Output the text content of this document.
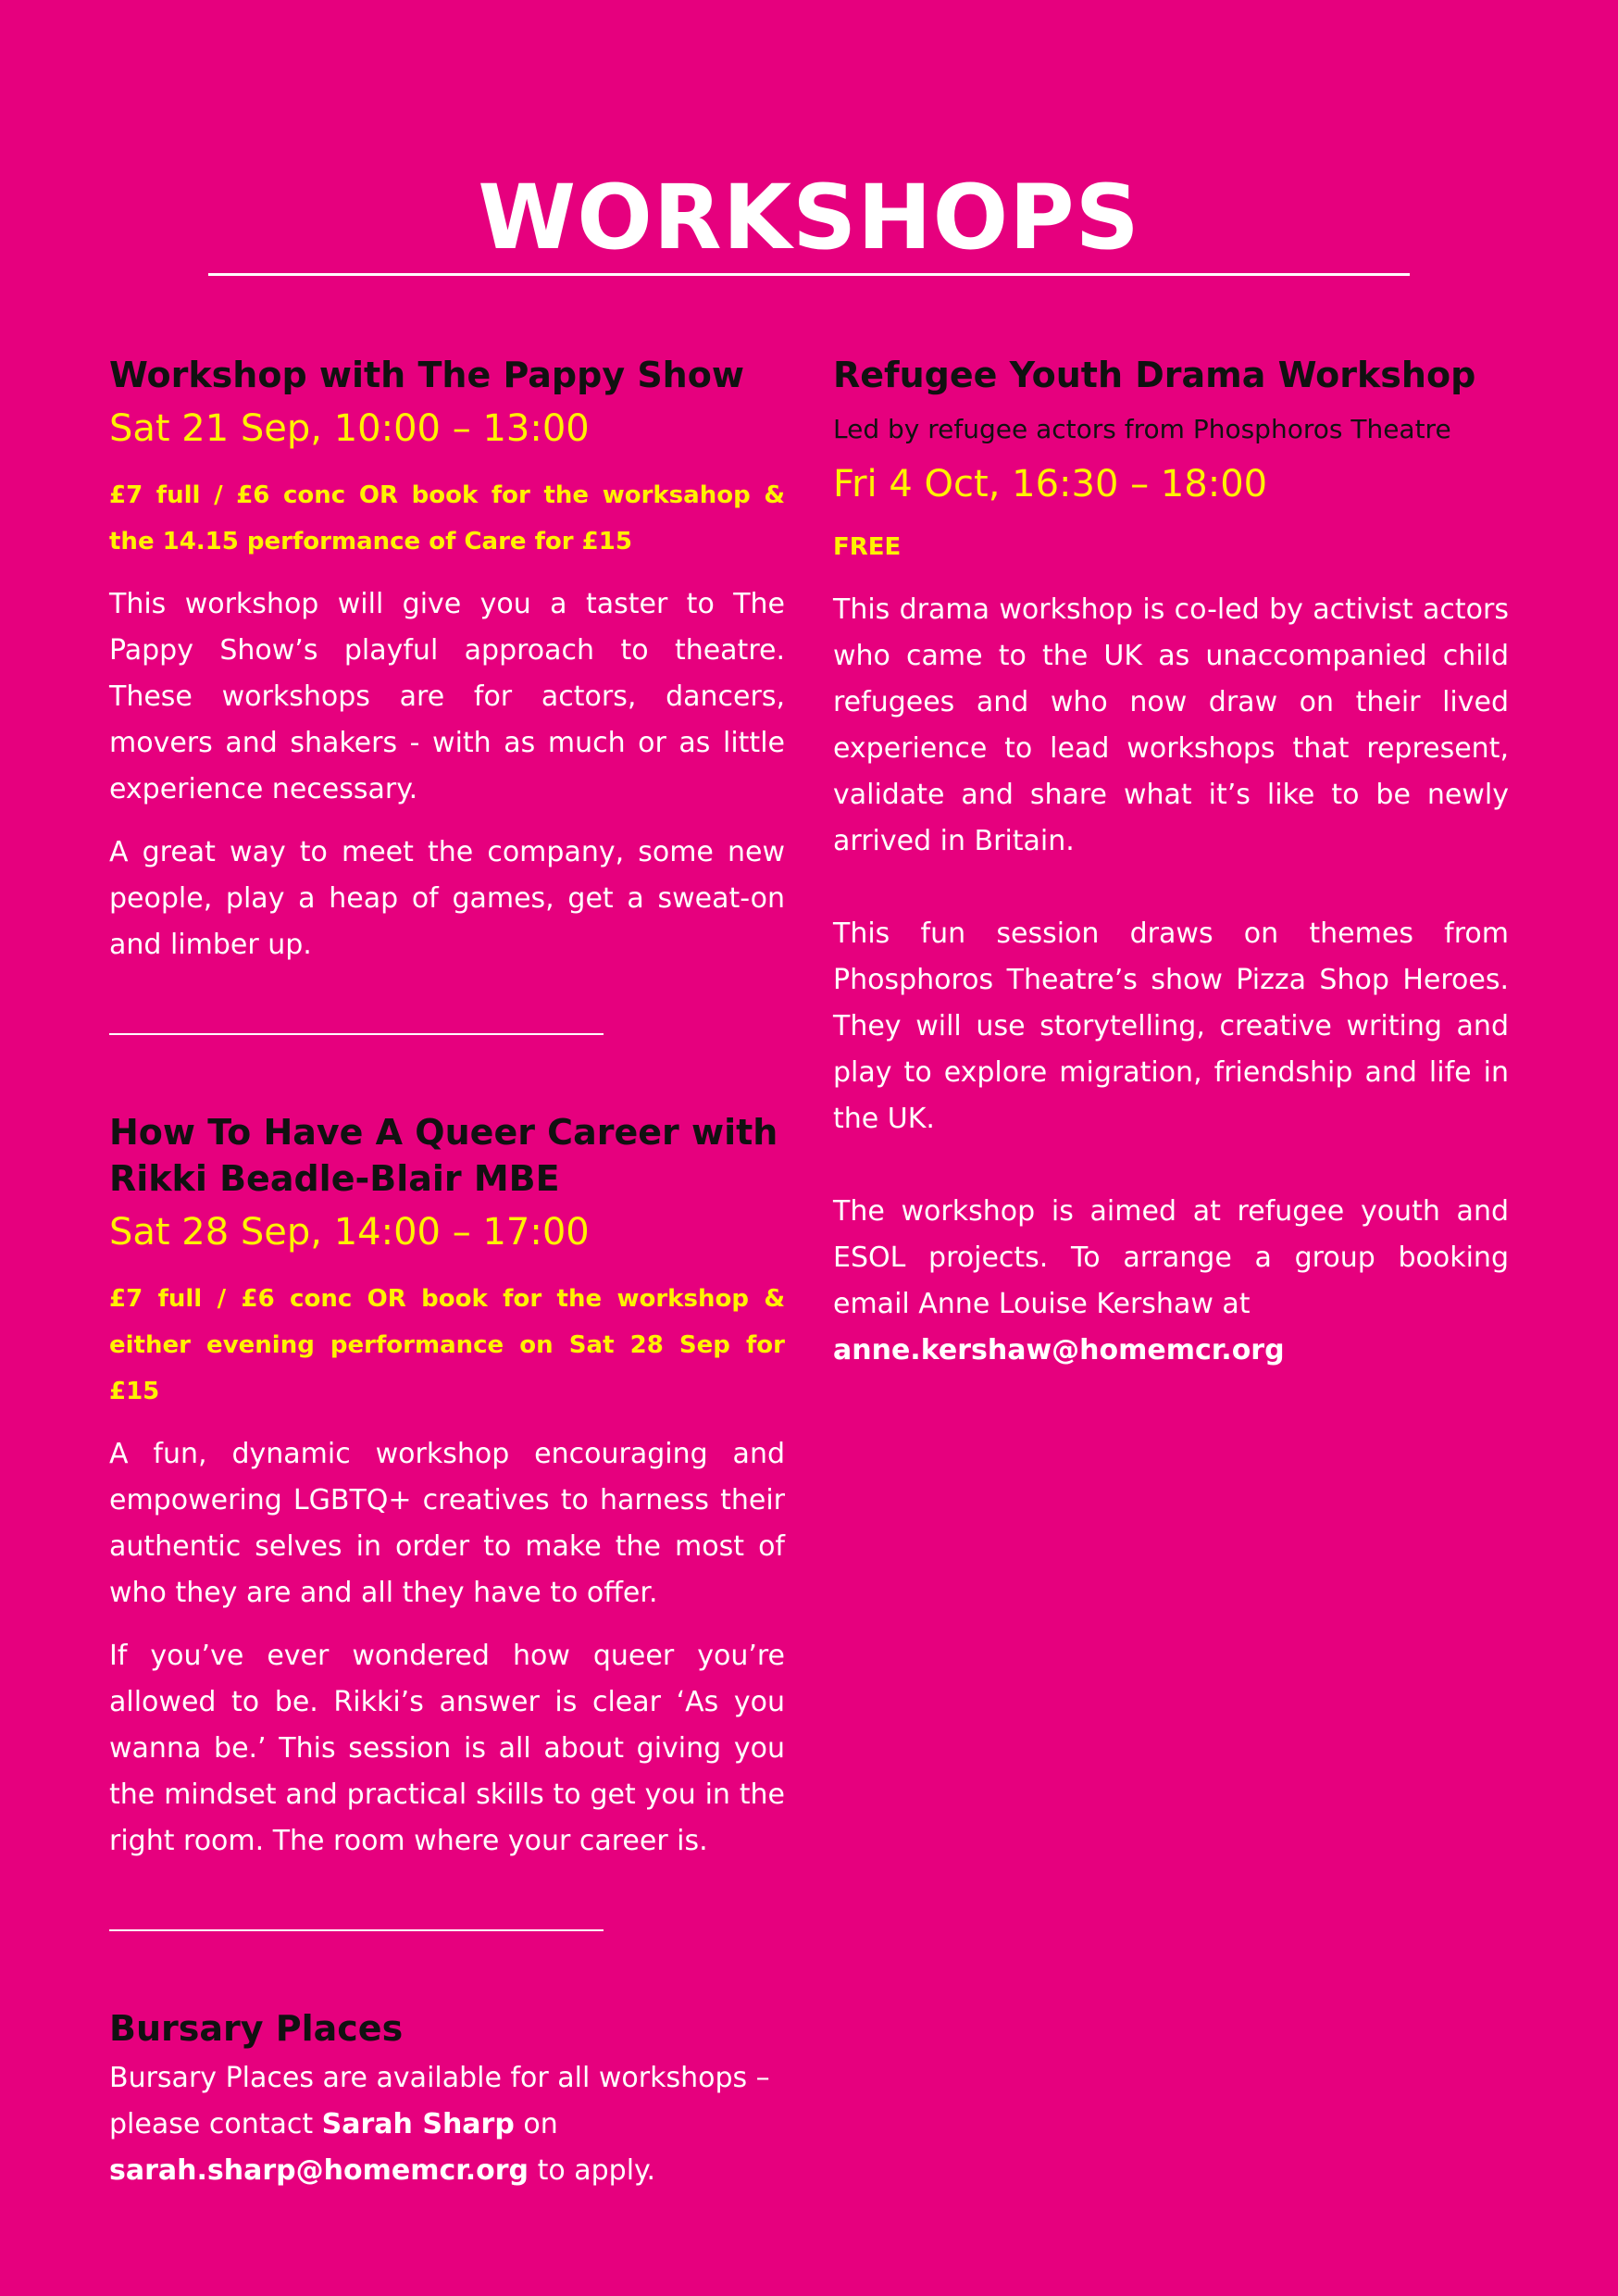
WORKSHOPS
Workshop with The Pappy Show

Sat 21 Sep, 10:00 – 13:00

£7 full / £6 conc OR book for the worksahop & the 14.15 performance of Care for £15

This workshop will give you a taster to The Pappy Show’s playful approach to theatre. These workshops are for actors, dancers, movers and shakers - with as much or as little experience necessary.

A great way to meet the company, some new people, play a heap of games, get a sweat-on and limber up.

How To Have A Queer Career with Rikki Beadle-Blair MBE

Sat 28 Sep, 14:00 – 17:00

£7 full / £6 conc OR book for the workshop & either evening performance on Sat 28 Sep for £15

A fun, dynamic workshop encouraging and empowering LGBTQ+ creatives to harness their authentic selves in order to make the most of who they are and all they have to offer.

If you’ve ever wondered how queer you’re allowed to be. Rikki’s answer is clear ‘As you wanna be.’ This session is all about giving you the mindset and practical skills to get you in the right room. The room where your career is.

Bursary Places

Bursary Places are available for all workshops – please contact Sarah Sharp on sarah.sharp@homemcr.org to apply.

Refugee Youth Drama Workshop

Led by refugee actors from Phosphoros Theatre

Fri 4 Oct, 16:30 – 18:00

FREE

This drama workshop is co-led by activist actors who came to the UK as unaccompanied child refugees and who now draw on their lived experience to lead workshops that represent, validate and share what it’s like to be newly arrived in Britain.

This fun session draws on themes from Phosphoros Theatre’s show Pizza Shop Heroes. They will use storytelling, creative writing and play to explore migration, friendship and life in the UK.

The workshop is aimed at refugee youth and ESOL projects. To arrange a group booking email Anne Louise Kershaw at
anne.kershaw@homemcr.org
